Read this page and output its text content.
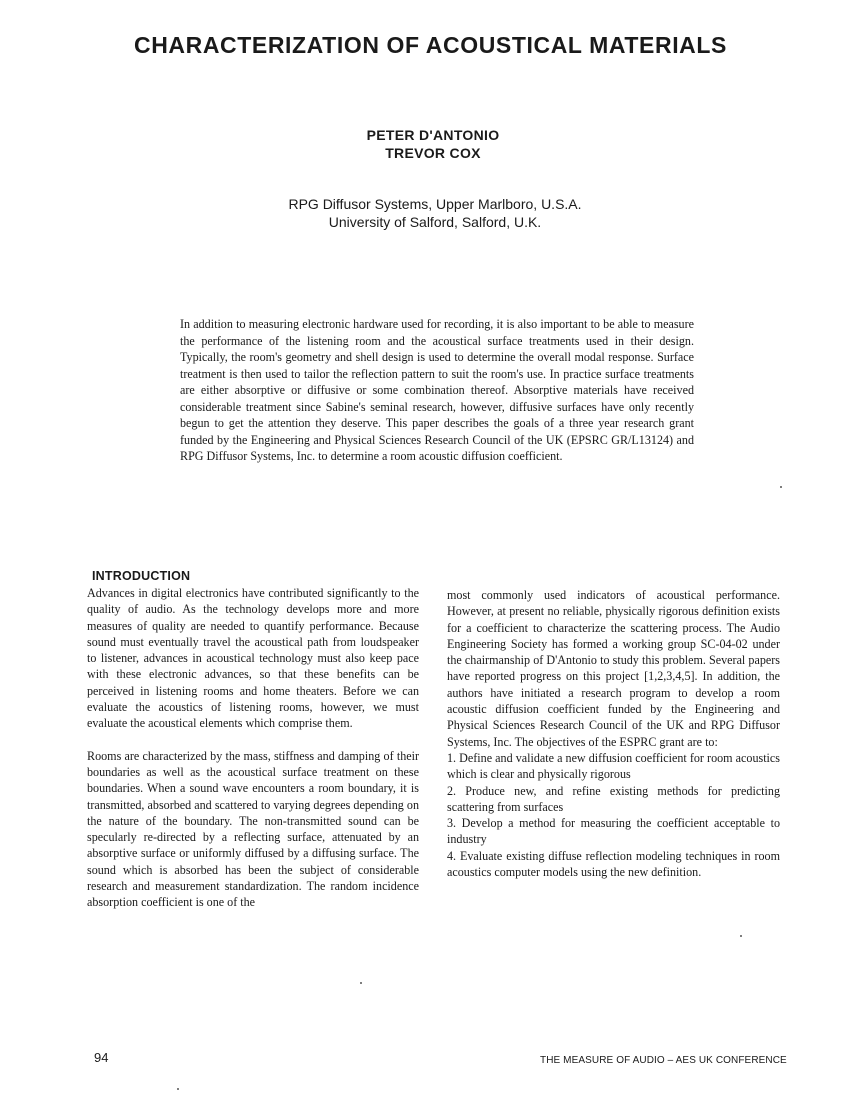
CHARACTERIZATION OF ACOUSTICAL MATERIALS
PETER D'ANTONIO
TREVOR COX
RPG Diffusor Systems, Upper Marlboro, U.S.A.
University of Salford, Salford, U.K.
In addition to measuring electronic hardware used for recording, it is also important to be able to measure the performance of the listening room and the acoustical surface treatments used in their design. Typically, the room's geometry and shell design is used to determine the overall modal response. Surface treatment is then used to tailor the reflection pattern to suit the room's use. In practice surface treatments are either absorptive or diffusive or some combination thereof. Absorptive materials have received considerable treatment since Sabine's seminal research, however, diffusive surfaces have only recently begun to get the attention they deserve. This paper describes the goals of a three year research grant funded by the Engineering and Physical Sciences Research Council of the UK (EPSRC GR/L13124) and RPG Diffusor Systems, Inc. to determine a room acoustic diffusion coefficient.
INTRODUCTION

Advances in digital electronics have contributed significantly to the quality of audio. As the technology develops more and more measures of quality are needed to quantify performance. Because sound must eventually travel the acoustical path from loudspeaker to listener, advances in acoustical technology must also keep pace with these electronic advances, so that these benefits can be perceived in listening rooms and home theaters. Before we can evaluate the acoustics of listening rooms, however, we must evaluate the acoustical elements which comprise them.

Rooms are characterized by the mass, stiffness and damping of their boundaries as well as the acoustical surface treatment on these boundaries. When a sound wave encounters a room boundary, it is transmitted, absorbed and scattered to varying degrees depending on the nature of the boundary. The non-transmitted sound can be specularly re-directed by a reflecting surface, attenuated by an absorptive surface or uniformly diffused by a diffusing surface. The sound which is absorbed has been the subject of considerable research and measurement standardization. The random incidence absorption coefficient is one of the

most commonly used indicators of acoustical performance. However, at present no reliable, physically rigorous definition exists for a coefficient to characterize the scattering process. The Audio Engineering Society has formed a working group SC-04-02 under the chairmanship of D'Antonio to study this problem. Several papers have reported progress on this project [1,2,3,4,5]. In addition, the authors have initiated a research program to develop a room acoustic diffusion coefficient funded by the Engineering and Physical Sciences Research Council of the UK and RPG Diffusor Systems, Inc. The objectives of the ESPRC grant are to:

1. Define and validate a new diffusion coefficient for room acoustics which is clear and physically rigorous

2. Produce new, and refine existing methods for predicting scattering from surfaces

3. Develop a method for measuring the coefficient acceptable to industry

4. Evaluate existing diffuse reflection modeling techniques in room acoustics computer models using the new definition.

94	THE MEASURE OF AUDIO – AES UK CONFERENCE
